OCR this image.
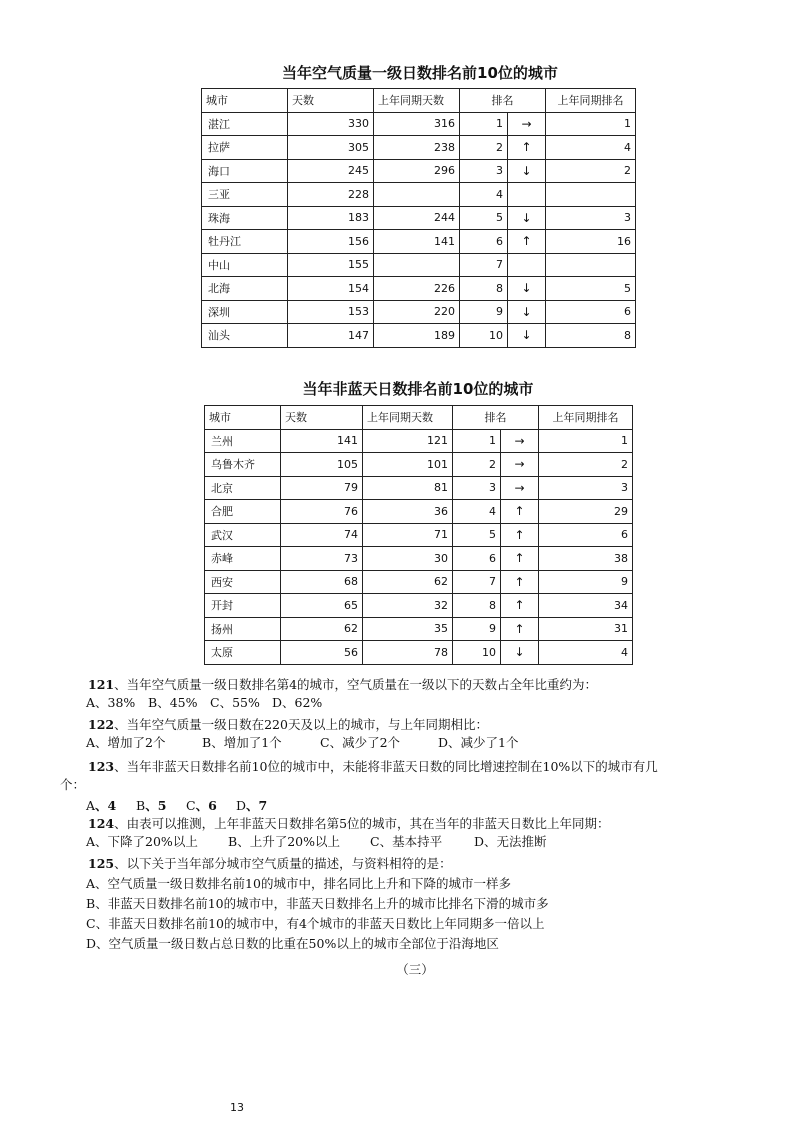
当年空气质量一级日数排名前10位的城市
城市	天数	上年同期天数	排名		上年同期排名
湛江	330	316	1	→	1
拉萨	305	238	2	↑	4
海口	245	296	3	↓	2
三亚	228		4		
珠海	183	244	5	↓	3
牡丹江	156	141	6	↑	16
中山	155		7		
北海	154	226	8	↓	5
深圳	153	220	9	↓	6
汕头	147	189	10	↓	8
当年非蓝天日数排名前10位的城市
城市	天数	上年同期天数	排名		上年同期排名
兰州	141	121	1	→	1
乌鲁木齐	105	101	2	→	2
北京	79	81	3	→	3
合肥	76	36	4	↑	29
武汉	74	71	5	↑	6
赤峰	73	30	6	↑	38
西安	68	62	7	↑	9
开封	65	32	8	↑	34
扬州	62	35	9	↑	31
太原	56	78	10	↓	4

121、当年空气质量一级日数排名第4的城市，空气质量在一级以下的天数占全年比重约为：

A、38% B、45% C、55% D、62%

122、当年空气质量一级日数在220天及以上的城市，与上年同期相比：

A、增加了2个	B、增加了1个	C、减少了2个	D、减少了1个

123、当年非蓝天日数排名前10位的城市中，未能将非蓝天日数的同比增速控制在10%以下的城市有几

个：

A、4 B、5 C、6 D、7

124、由表可以推测，上年非蓝天日数排名第5位的城市，其在当年的非蓝天日数比上年同期：

A、下降了20%以上 B、上升了20%以上 C、基本持平	D、无法推断

125、以下关于当年部分城市空气质量的描述，与资料相符的是：

A、空气质量一级日数排名前10的城市中，排名同比上升和下降的城市一样多

B、非蓝天日数排名前10的城市中，非蓝天日数排名上升的城市比排名下滑的城市多

C、非蓝天日数排名前10的城市中，有4个城市的非蓝天日数比上年同期多一倍以上

D、空气质量一级日数占总日数的比重在50%以上的城市全部位于沿海地区

（三）
13
